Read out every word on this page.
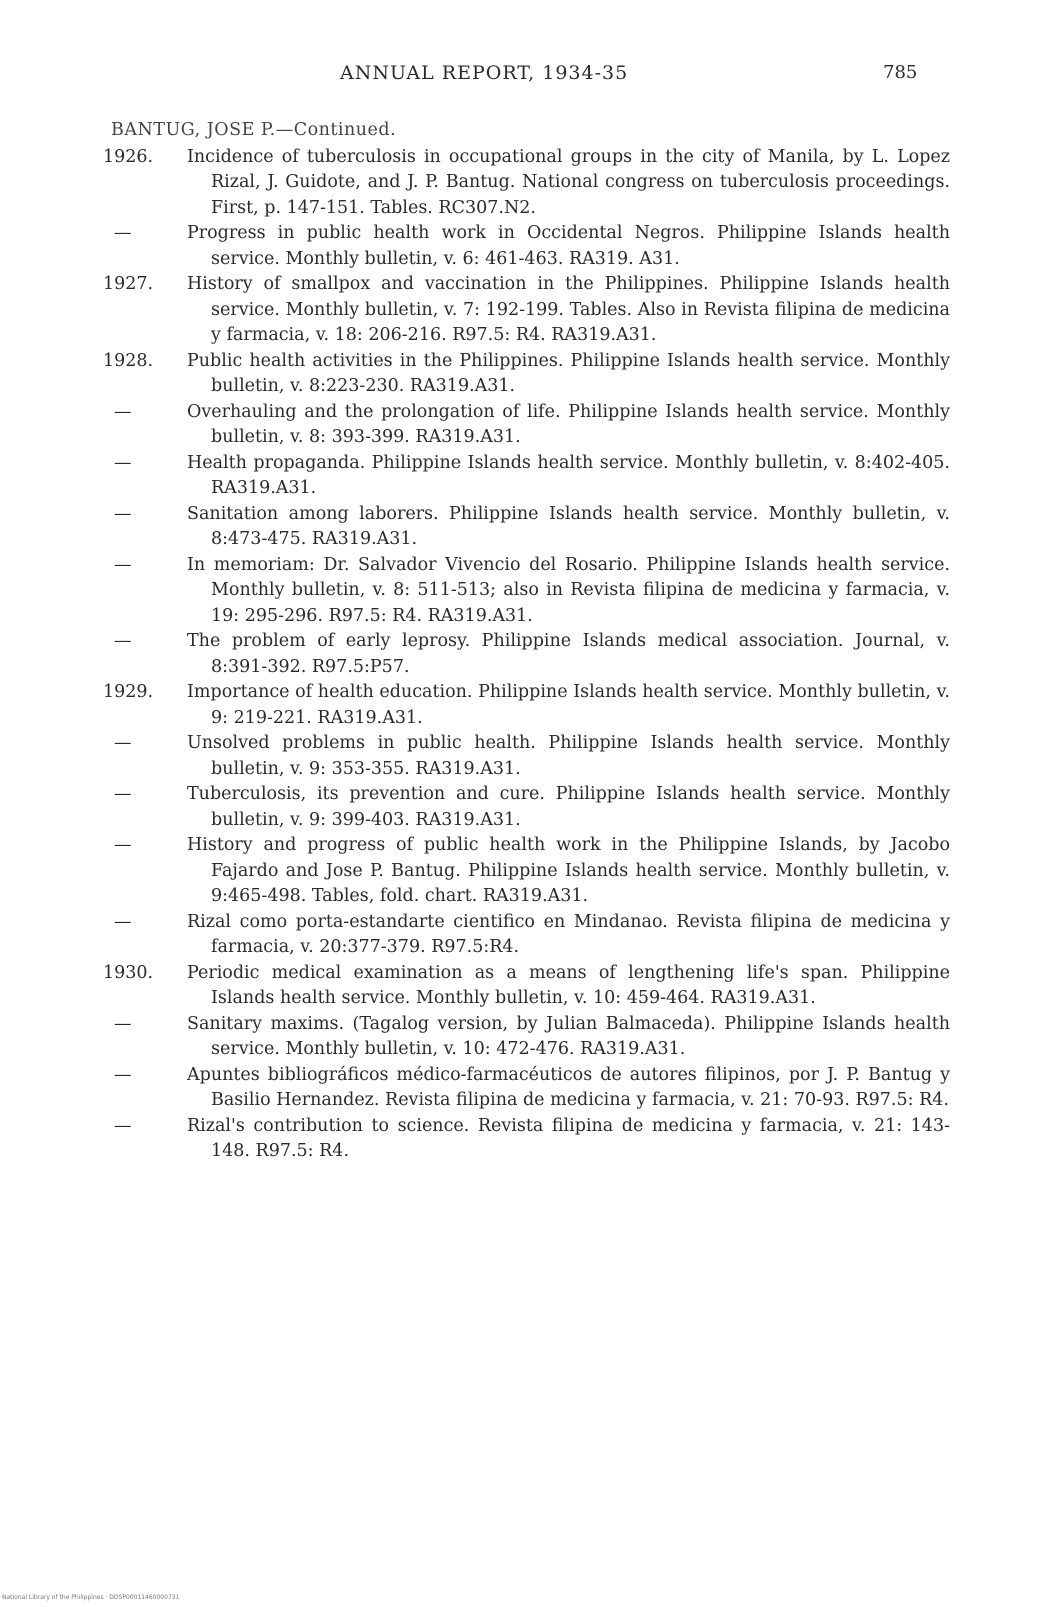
ANNUAL REPORT, 1934-35	785
BANTUG, JOSE P.—Continued.
1926. Incidence of tuberculosis in occupational groups in the city of Manila, by L. Lopez Rizal, J. Guidote, and J. P. Bantug. National congress on tuberculosis proceedings. First, p. 147-151. Tables. RC307.N2.
—	Progress in public health work in Occidental Negros. Philippine Islands health service. Monthly bulletin, v. 6: 461-463. RA319. A31.
1927. History of smallpox and vaccination in the Philippines. Philippine Islands health service. Monthly bulletin, v. 7: 192-199. Tables. Also in Revista filipina de medicina y farmacia, v. 18: 206-216. R97.5: R4. RA319.A31.
1928. Public health activities in the Philippines. Philippine Islands health service. Monthly bulletin, v. 8:223-230. RA319.A31.
—	Overhauling and the prolongation of life. Philippine Islands health service. Monthly bulletin, v. 8: 393-399. RA319.A31.
—	Health propaganda. Philippine Islands health service. Monthly bulletin, v. 8:402-405. RA319.A31.
—	Sanitation among laborers. Philippine Islands health service. Monthly bulletin, v. 8:473-475. RA319.A31.
—	In memoriam: Dr. Salvador Vivencio del Rosario. Philippine Islands health service. Monthly bulletin, v. 8: 511-513; also in Revista filipina de medicina y farmacia, v. 19: 295-296. R97.5: R4. RA319.A31.
—	The problem of early leprosy. Philippine Islands medical association. Journal, v. 8:391-392. R97.5:P57.
1929. Importance of health education. Philippine Islands health service. Monthly bulletin, v. 9: 219-221. RA319.A31.
—	Unsolved problems in public health. Philippine Islands health service. Monthly bulletin, v. 9: 353-355. RA319.A31.
—	Tuberculosis, its prevention and cure. Philippine Islands health service. Monthly bulletin, v. 9: 399-403. RA319.A31.
—	History and progress of public health work in the Philippine Islands, by Jacobo Fajardo and Jose P. Bantug. Philippine Islands health service. Monthly bulletin, v. 9:465-498. Tables, fold. chart. RA319.A31.
—	Rizal como porta-estandarte cientifico en Mindanao. Revista filipina de medicina y farmacia, v. 20:377-379. R97.5:R4.
1930. Periodic medical examination as a means of lengthening life's span. Philippine Islands health service. Monthly bulletin, v. 10: 459-464. RA319.A31.
—	Sanitary maxims. (Tagalog version, by Julian Balmaceda). Philippine Islands health service. Monthly bulletin, v. 10: 472-476. RA319.A31.
—	Apuntes bibliográficos médico-farmacéuticos de autores filipinos, por J. P. Bantug y Basilio Hernandez. Revista filipina de medicina y farmacia, v. 21: 70-93. R97.5: R4.
—	Rizal's contribution to science. Revista filipina de medicina y farmacia, v. 21: 143-148. R97.5: R4.
National Library of the Philippines · DDSP00011460000731
